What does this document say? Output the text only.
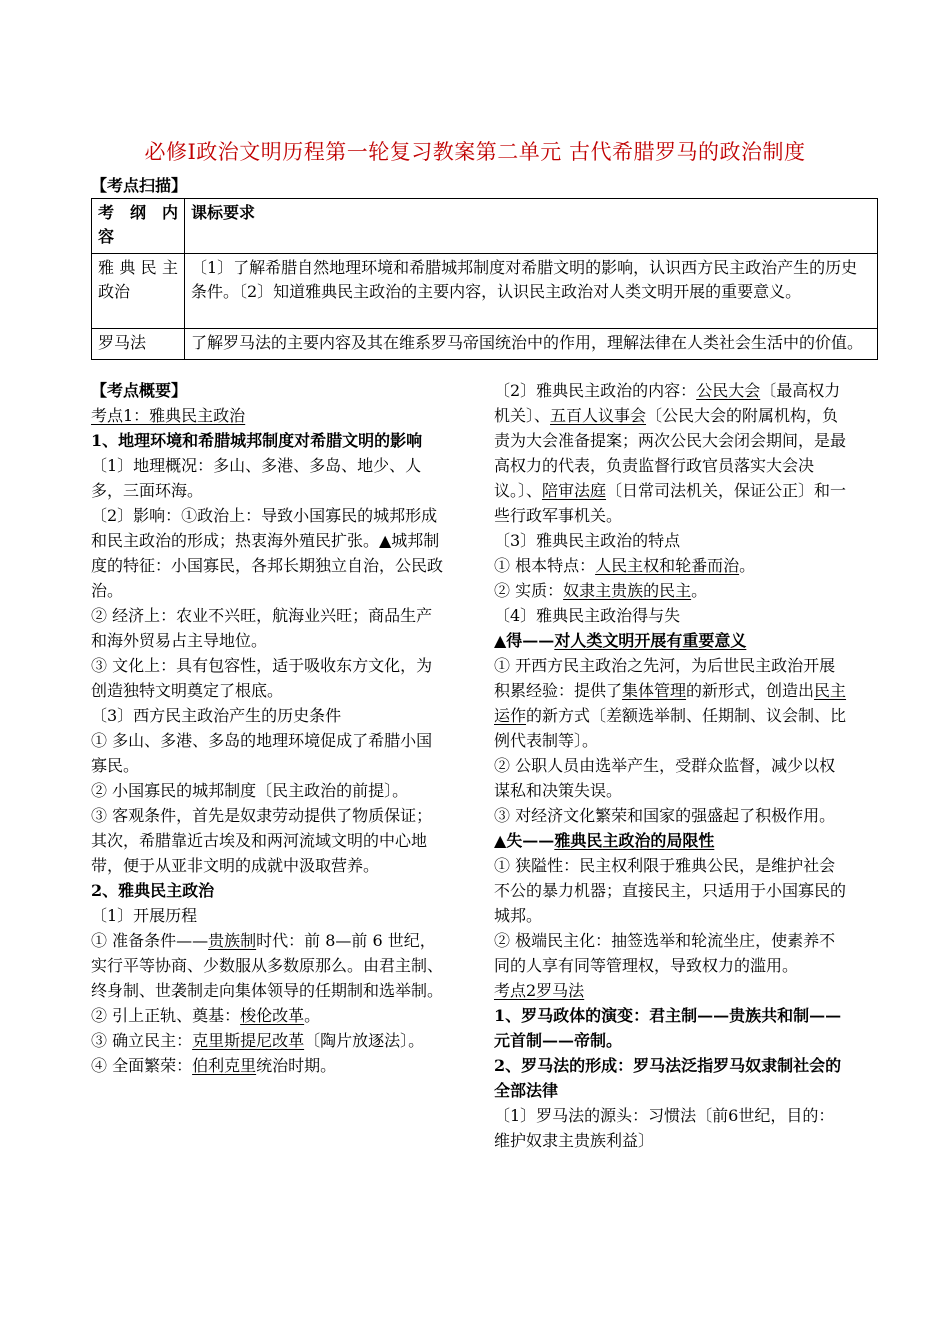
必修Ⅰ政治文明历程第一轮复习教案第二单元 古代希腊罗马的政治制度
【考点扫描】
考 纲 内 容	课标要求
雅 典 民 主政治	〔1〕了解希腊自然地理环境和希腊城邦制度对希腊文明的影响，认识西方民主政治产生的历史条件。〔2〕知道雅典民主政治的主要内容，认识民主政治对人类文明开展的重要意义。
罗马法	了解罗马法的主要内容及其在维系罗马帝国统治中的作用，理解法律在人类社会生活中的价值。

【考点概要】

考点1：雅典民主政治

1、地理环境和希腊城邦制度对希腊文明的影响

〔1〕地理概况：多山、多港、多岛、地少、人多，三面环海。

〔2〕影响：①政治上：导致小国寡民的城邦形成和民主政治的形成；热衷海外殖民扩张。▲城邦制度的特征：小国寡民，各邦长期独立自治，公民政治。

② 经济上：农业不兴旺，航海业兴旺；商品生产和海外贸易占主导地位。

③ 文化上：具有包容性，适于吸收东方文化，为创造独特文明奠定了根底。

〔3〕西方民主政治产生的历史条件

① 多山、多港、多岛的地理环境促成了希腊小国寡民。

② 小国寡民的城邦制度〔民主政治的前提〕。

③ 客观条件，首先是奴隶劳动提供了物质保证；其次，希腊靠近古埃及和两河流域文明的中心地带，便于从亚非文明的成就中汲取营养。

2、雅典民主政治

〔1〕开展历程

① 准备条件——贵族制时代：前 8—前 6 世纪，实行平等协商、少数服从多数原那么。由君主制、终身制、世袭制走向集体领导的任期制和选举制。

② 引上正轨、奠基：梭伦改革。

③ 确立民主：克里斯提尼改革〔陶片放逐法〕。

④ 全面繁荣：伯利克里统治时期。

〔2〕雅典民主政治的内容：公民大会〔最高权力机关〕、五百人议事会〔公民大会的附属机构，负责为大会准备提案；两次公民大会闭会期间，是最高权力的代表，负责监督行政官员落实大会决议。〕、陪审法庭〔日常司法机关，保证公正〕和一些行政军事机关。

〔3〕雅典民主政治的特点

① 根本特点：人民主权和轮番而治。

② 实质：奴隶主贵族的民主。

〔4〕雅典民主政治得与失

▲得——对人类文明开展有重要意义

① 开西方民主政治之先河，为后世民主政治开展积累经验：提供了集体管理的新形式，创造出民主运作的新方式〔差额选举制、任期制、议会制、比例代表制等〕。

② 公职人员由选举产生，受群众监督，减少以权谋私和决策失误。

③ 对经济文化繁荣和国家的强盛起了积极作用。

▲失——雅典民主政治的局限性

① 狭隘性：民主权利限于雅典公民，是维护社会不公的暴力机器；直接民主，只适用于小国寡民的城邦。

② 极端民主化：抽签选举和轮流坐庄，使素养不同的人享有同等管理权，导致权力的滥用。

考点2罗马法

1、罗马政体的演变：君主制——贵族共和制——元首制——帝制。

2、罗马法的形成：罗马法泛指罗马奴隶制社会的全部法律

〔1〕罗马法的源头：习惯法〔前6世纪，目的：维护奴隶主贵族利益〕
